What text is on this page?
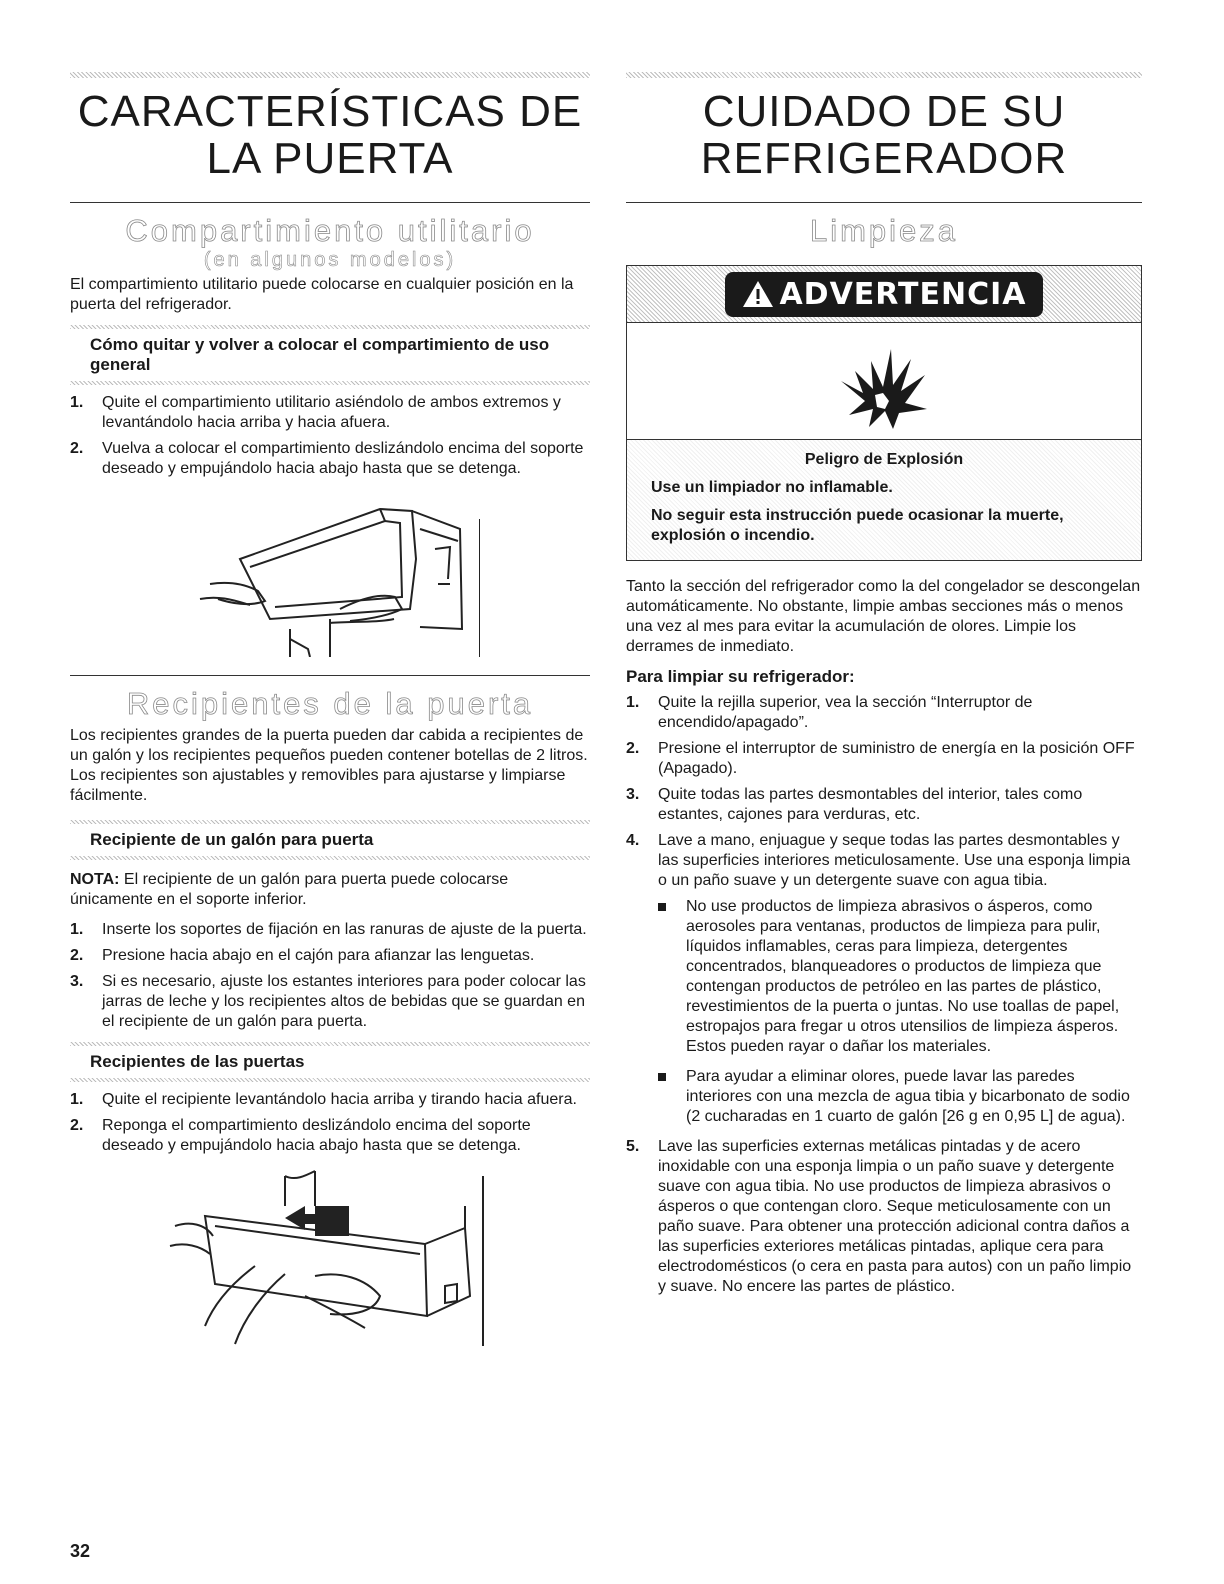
CARACTERÍSTICAS DE
LA PUERTA
Compartimiento utilitario
(en algunos modelos)

El compartimiento utilitario puede colocarse en cualquier posición en la puerta del refrigerador.

Cómo quitar y volver a colocar el compartimiento de uso general
1. Quite el compartimiento utilitario asiéndolo de ambos extremos y levantándolo hacia arriba y hacia afuera.
2. Vuelva a colocar el compartimiento deslizándolo encima del soporte deseado y empujándolo hacia abajo hasta que se detenga.
Recipientes de la puerta

Los recipientes grandes de la puerta pueden dar cabida a recipientes de un galón y los recipientes pequeños pueden contener botellas de 2 litros. Los recipientes son ajustables y removibles para ajustarse y limpiarse fácilmente.

Recipiente de un galón para puerta

NOTA: El recipiente de un galón para puerta puede colocarse únicamente en el soporte inferior.

1. Inserte los soportes de fijación en las ranuras de ajuste de la puerta.
2. Presione hacia abajo en el cajón para afianzar las lenguetas.
3. Si es necesario, ajuste los estantes interiores para poder colocar las jarras de leche y los recipientes altos de bebidas que se guardan en el recipiente de un galón para puerta.
Recipientes de las puertas
1. Quite el recipiente levantándolo hacia arriba y tirando hacia afuera.
2. Reponga el compartimiento deslizándolo encima del soporte deseado y empujándolo hacia abajo hasta que se detenga.
CUIDADO DE SU
REFRIGERADOR
Limpieza
ADVERTENCIA
Peligro de Explosión
Use un limpiador no inflamable.
No seguir esta instrucción puede ocasionar la muerte, explosión o incendio.

Tanto la sección del refrigerador como la del congelador se descongelan automáticamente. No obstante, limpie ambas secciones más o menos una vez al mes para evitar la acumulación de olores. Limpie los derrames de inmediato.

Para limpiar su refrigerador:
1. Quite la rejilla superior, vea la sección “Interruptor de encendido/apagado”.
2. Presione el interruptor de suministro de energía en la posición OFF (Apagado).
3. Quite todas las partes desmontables del interior, tales como estantes, cajones para verduras, etc.
4. Lave a mano, enjuague y seque todas las partes desmontables y las superficies interiores meticulosamente. Use una esponja limpia o un paño suave y un detergente suave con agua tibia.
No use productos de limpieza abrasivos o ásperos, como aerosoles para ventanas, productos de limpieza para pulir, líquidos inflamables, ceras para limpieza, detergentes concentrados, blanqueadores o productos de limpieza que contengan productos de petróleo en las partes de plástico, revestimientos de la puerta o juntas. No use toallas de papel, estropajos para fregar u otros utensilios de limpieza ásperos. Estos pueden rayar o dañar los materiales.
Para ayudar a eliminar olores, puede lavar las paredes interiores con una mezcla de agua tibia y bicarbonato de sodio (2 cucharadas en 1 cuarto de galón [26 g en 0,95 L] de agua).
5. Lave las superficies externas metálicas pintadas y de acero inoxidable con una esponja limpia o un paño suave y detergente suave con agua tibia. No use productos de limpieza abrasivos o ásperos o que contengan cloro. Seque meticulosamente con un paño suave. Para obtener una protección adicional contra daños a las superficies exteriores metálicas pintadas, aplique cera para electrodomésticos (o cera en pasta para autos) con un paño limpio y suave. No encere las partes de plástico.
32
